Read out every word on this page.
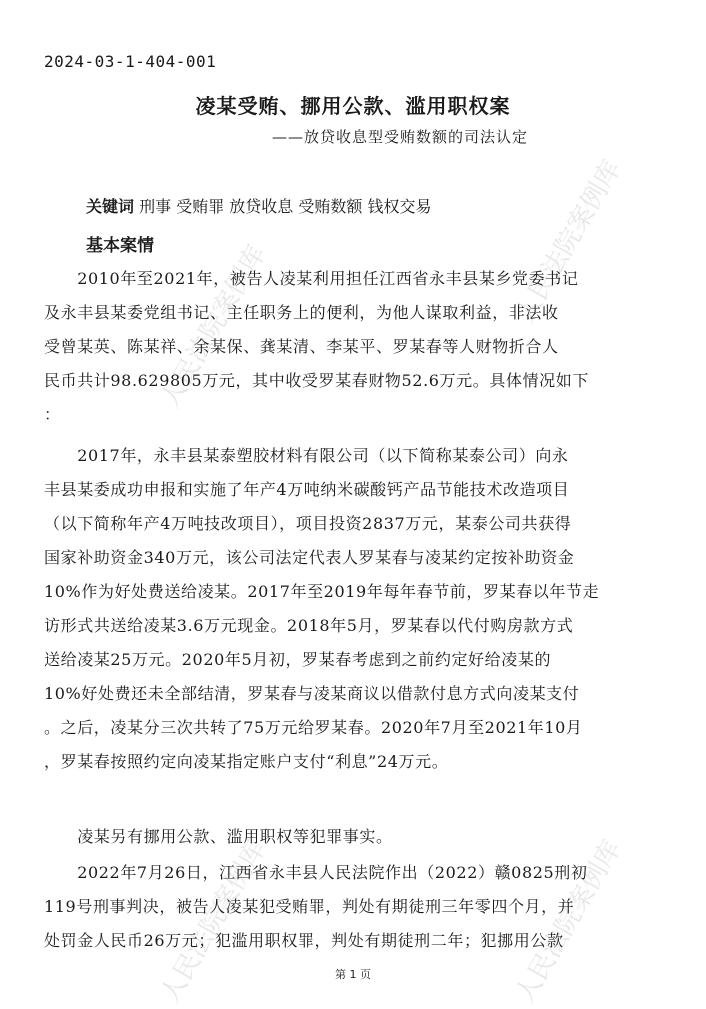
人民法院案例库	人民法院案例库
人民法院案例库	人民法院案例库
2024-03-1-404-001
凌某受贿、挪用公款、滥用职权案
——放贷收息型受贿数额的司法认定
关键词 刑事 受贿罪 放贷收息 受贿数额 钱权交易
基本案情
　　2010年至2021年，被告人凌某利用担任江西省永丰县某乡党委书记
及永丰县某委党组书记、主任职务上的便利，为他人谋取利益，非法收
受曾某英、陈某祥、余某保、龚某清、李某平、罗某春等人财物折合人
民币共计98.629805万元，其中收受罗某春财物52.6万元。具体情况如下
：
　　2017年，永丰县某泰塑胶材料有限公司（以下简称某泰公司）向永
丰县某委成功申报和实施了年产4万吨纳米碳酸钙产品节能技术改造项目
（以下简称年产4万吨技改项目），项目投资2837万元，某泰公司共获得
国家补助资金340万元，该公司法定代表人罗某春与凌某约定按补助资金
10%作为好处费送给凌某。2017年至2019年每年春节前，罗某春以年节走
访形式共送给凌某3.6万元现金。2018年5月，罗某春以代付购房款方式
送给凌某25万元。2020年5月初，罗某春考虑到之前约定好给凌某的
10%好处费还未全部结清，罗某春与凌某商议以借款付息方式向凌某支付
。之后，凌某分三次共转了75万元给罗某春。2020年7月至2021年10月
，罗某春按照约定向凌某指定账户支付“利息”24万元。
　　凌某另有挪用公款、滥用职权等犯罪事实。
　　2022年7月26日，江西省永丰县人民法院作出（2022）赣0825刑初
119号刑事判决，被告人凌某犯受贿罪，判处有期徒刑三年零四个月，并
处罚金人民币26万元；犯滥用职权罪，判处有期徒刑二年；犯挪用公款
第 1 页
